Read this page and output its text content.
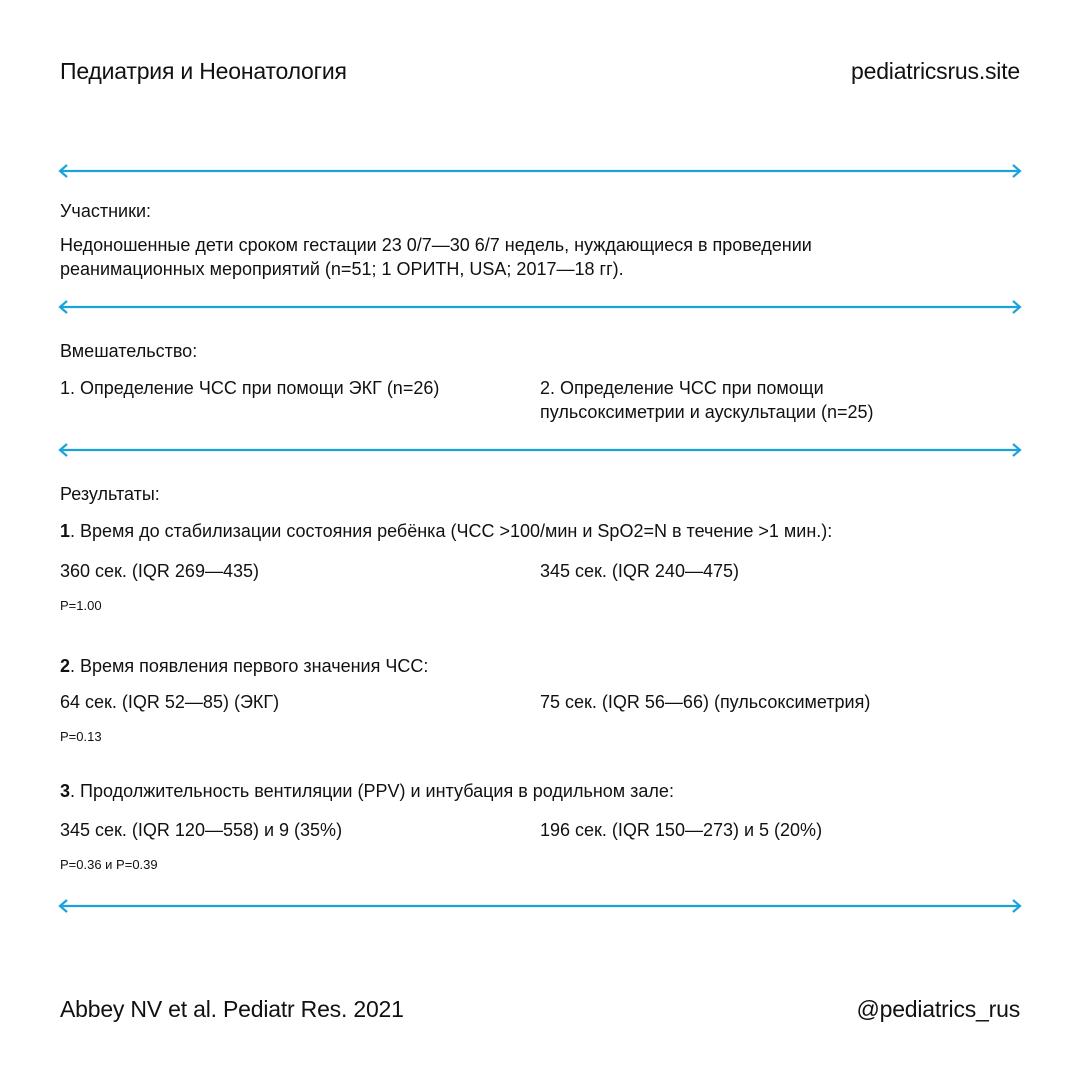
Педиатрия и Неонатология	pediatricsrus.site
Участники:
Недоношенные дети сроком гестации 23 0/7—30 6/7 недель, нуждающиеся в проведении
реанимационных мероприятий (n=51; 1 ОРИТН, USA; 2017—18 гг).
Вмешательство:
1. Определение ЧСС при помощи ЭКГ (n=26)	2. Определение ЧСС при помощи
пульсоксиметрии и аускультации (n=25)
Результаты:
1. Время до стабилизации состояния ребёнка (ЧСС >100/мин и SpO2=N в течение >1 мин.):
360 сек. (IQR 269—435)	345 сек. (IQR 240—475)
P=1.00
2. Время появления первого значения ЧСС:
64 сек. (IQR 52—85) (ЭКГ)	75 сек. (IQR 56—66) (пульсоксиметрия)
P=0.13
3. Продолжительность вентиляции (PPV) и интубация в родильном зале:
345 сек. (IQR 120—558) и 9 (35%)	196 сек. (IQR 150—273) и 5 (20%)
P=0.36 и P=0.39
Abbey NV et al. Pediatr Res. 2021	@pediatrics_rus
